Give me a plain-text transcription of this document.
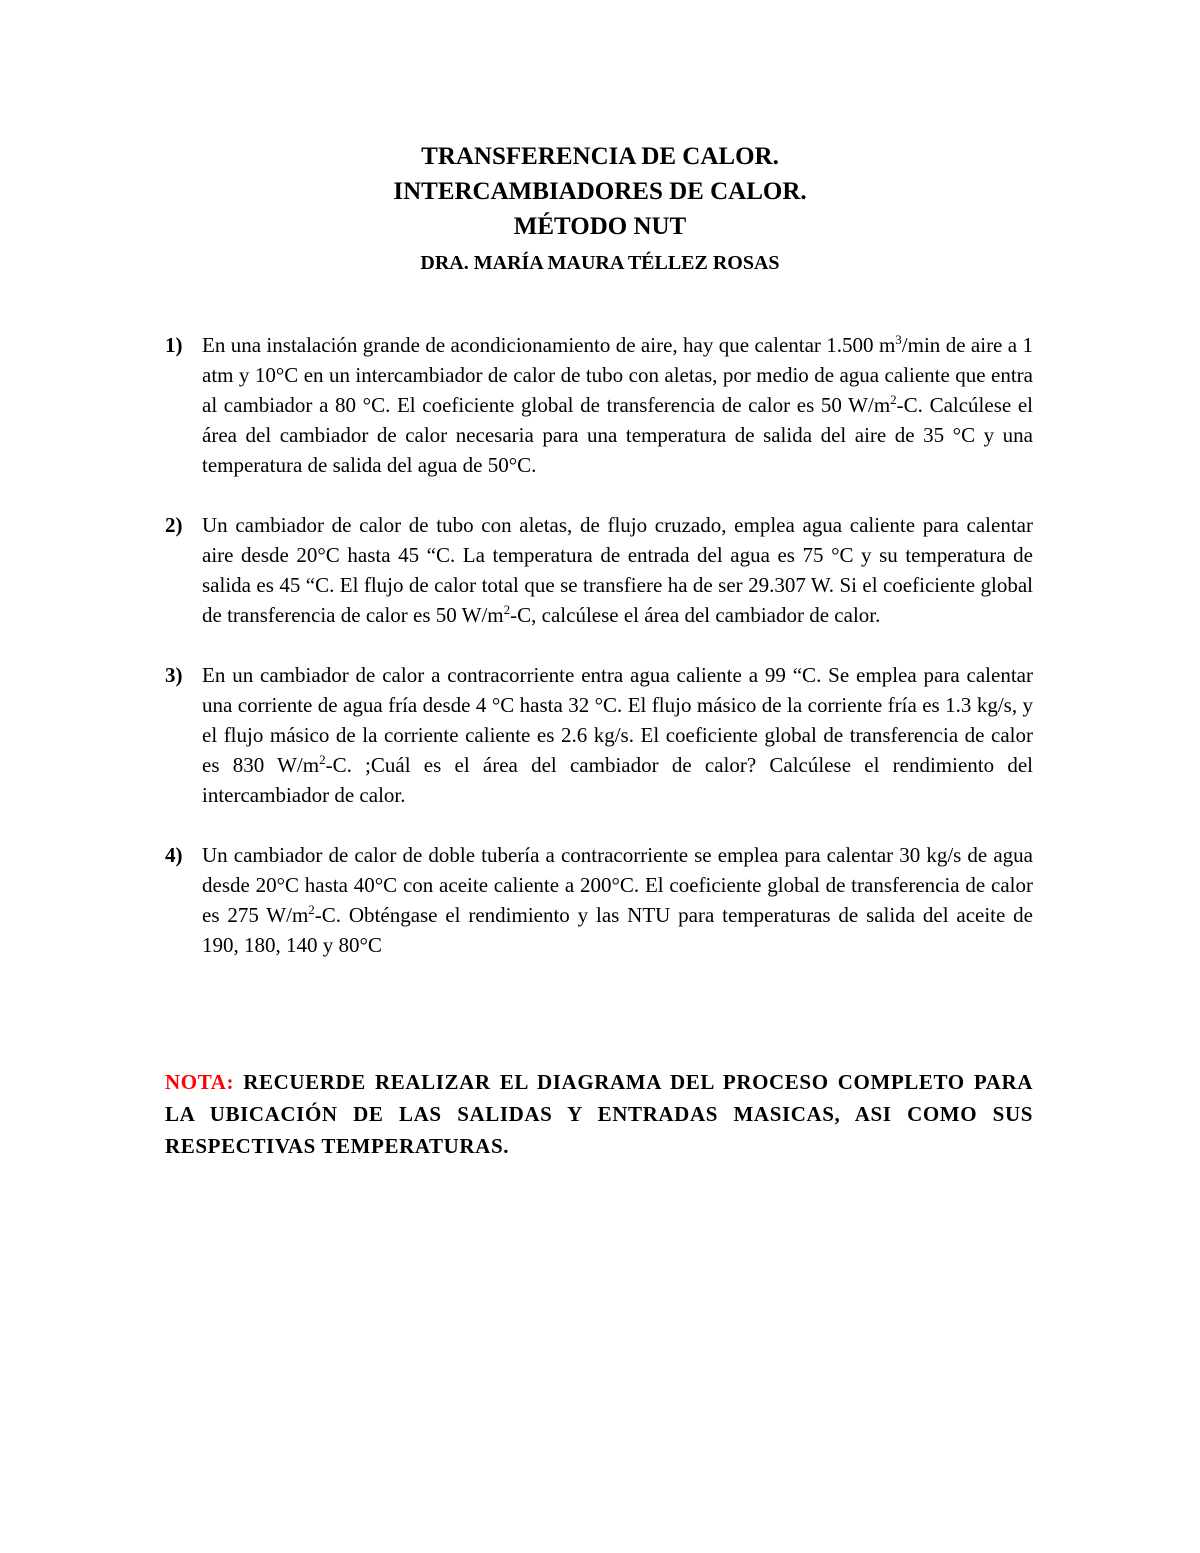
TRANSFERENCIA DE CALOR.
INTERCAMBIADORES DE CALOR.
MÉTODO NUT
DRA. MARÍA MAURA TÉLLEZ ROSAS
1) En una instalación grande de acondicionamiento de aire, hay que calentar 1.500 $m^3/\min$ de aire a 1 atm y 10°C en un intercambiador de calor de tubo con aletas, por medio de agua caliente que entra al cambiador a 80 °C. El coeficiente global de transferencia de calor es 50 $W/m^2-C$. Calcúlese el área del cambiador de calor necesaria para una temperatura de salida del aire de 35 °C y una temperatura de salida del agua de 50°C.
2) Un cambiador de calor de tubo con aletas, de flujo cruzado, emplea agua caliente para calentar aire desde 20°C hasta 45 “C. La temperatura de entrada del agua es 75 °C y su temperatura de salida es 45 “C. El flujo de calor total que se transfiere ha de ser 29.307 W. Si el coeficiente global de transferencia de calor es 50 $W/m^2-C$, calcúlese el área del cambiador de calor.
3) En un cambiador de calor a contracorriente entra agua caliente a 99 “C. Se emplea para calentar una corriente de agua fría desde 4 °C hasta 32 °C. El flujo másico de la corriente fría es 1.3 kg/s, y el flujo másico de la corriente caliente es 2.6 kg/s. El coeficiente global de transferencia de calor es 830 $W/m^2-C$. ;Cuál es el área del cambiador de calor? Calcúlese el rendimiento del intercambiador de calor.
4) Un cambiador de calor de doble tubería a contracorriente se emplea para calentar 30 kg/s de agua desde 20°C hasta 40°C con aceite caliente a 200°C. El coeficiente global de transferencia de calor es 275 $W/m^2-C$. Obténgase el rendimiento y las NTU para temperaturas de salida del aceite de 190, 180, 140 y 80°C
NOTA: RECUERDE REALIZAR EL DIAGRAMA DEL PROCESO COMPLETO PARA LA UBICACIÓN DE LAS SALIDAS Y ENTRADAS MASICAS, ASI COMO SUS RESPECTIVAS TEMPERATURAS.
